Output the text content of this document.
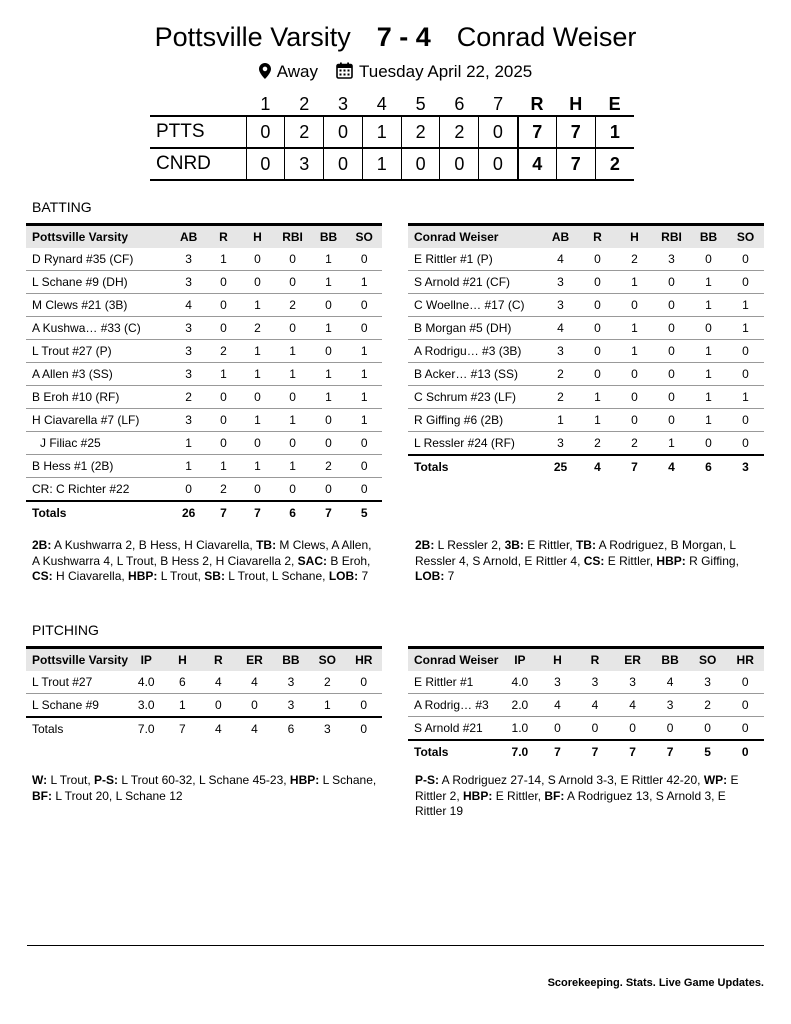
Pottsville Varsity 7 - 4 Conrad Weiser
Away Tuesday April 22, 2025
	1	2	3	4	5	6	7	R	H	E
PTTS	0	2	0	1	2	2	0	7	7	1
CNRD	0	3	0	1	0	0	0	4	7	2
BATTING
Pottsville Varsity	AB	R	H	RBI	BB	SO
D Rynard #35 (CF)	3	1	0	0	1	0
L Schane #9 (DH)	3	0	0	0	1	1
M Clews #21 (3B)	4	0	1	2	0	0
A Kushwa… #33 (C)	3	0	2	0	1	0
L Trout #27 (P)	3	2	1	1	0	1
A Allen #3 (SS)	3	1	1	1	1	1
B Eroh #10 (RF)	2	0	0	0	1	1
H Ciavarella #7 (LF)	3	0	1	1	0	1
J Filiac #25	1	0	0	0	0	0
B Hess #1 (2B)	1	1	1	1	2	0
CR: C Richter #22	0	2	0	0	0	0
Totals	26	7	7	6	7	5
Conrad Weiser	AB	R	H	RBI	BB	SO
E Rittler #1 (P)	4	0	2	3	0	0
S Arnold #21 (CF)	3	0	1	0	1	0
C Woellne… #17 (C)	3	0	0	0	1	1
B Morgan #5 (DH)	4	0	1	0	0	1
A Rodrigu… #3 (3B)	3	0	1	0	1	0
B Acker… #13 (SS)	2	0	0	0	1	0
C Schrum #23 (LF)	2	1	0	0	1	1
R Giffing #6 (2B)	1	1	0	0	1	0
L Ressler #24 (RF)	3	2	2	1	0	0
Totals	25	4	7	4	6	3
2B: A Kushwarra 2, B Hess, H Ciavarella, TB: M Clews, A Allen, A Kushwarra 4, L Trout, B Hess 2, H Ciavarella 2, SAC: B Eroh, CS: H Ciavarella, HBP: L Trout, SB: L Trout, L Schane, LOB: 7
2B: L Ressler 2, 3B: E Rittler, TB: A Rodriguez, B Morgan, L Ressler 4, S Arnold, E Rittler 4, CS: E Rittler, HBP: R Giffing, LOB: 7
PITCHING
Pottsville Varsity	IP	H	R	ER	BB	SO	HR
L Trout #27	4.0	6	4	4	3	2	0
L Schane #9	3.0	1	0	0	3	1	0
Totals	7.0	7	4	4	6	3	0
Conrad Weiser	IP	H	R	ER	BB	SO	HR
E Rittler #1	4.0	3	3	3	4	3	0
A Rodrig… #3	2.0	4	4	4	3	2	0
S Arnold #21	1.0	0	0	0	0	0	0
Totals	7.0	7	7	7	7	5	0
W: L Trout, P-S: L Trout 60-32, L Schane 45-23, HBP: L Schane, BF: L Trout 20, L Schane 12
P-S: A Rodriguez 27-14, S Arnold 3-3, E Rittler 42-20, WP: E Rittler 2, HBP: E Rittler, BF: A Rodriguez 13, S Arnold 3, E Rittler 19
Scorekeeping. Stats. Live Game Updates.
